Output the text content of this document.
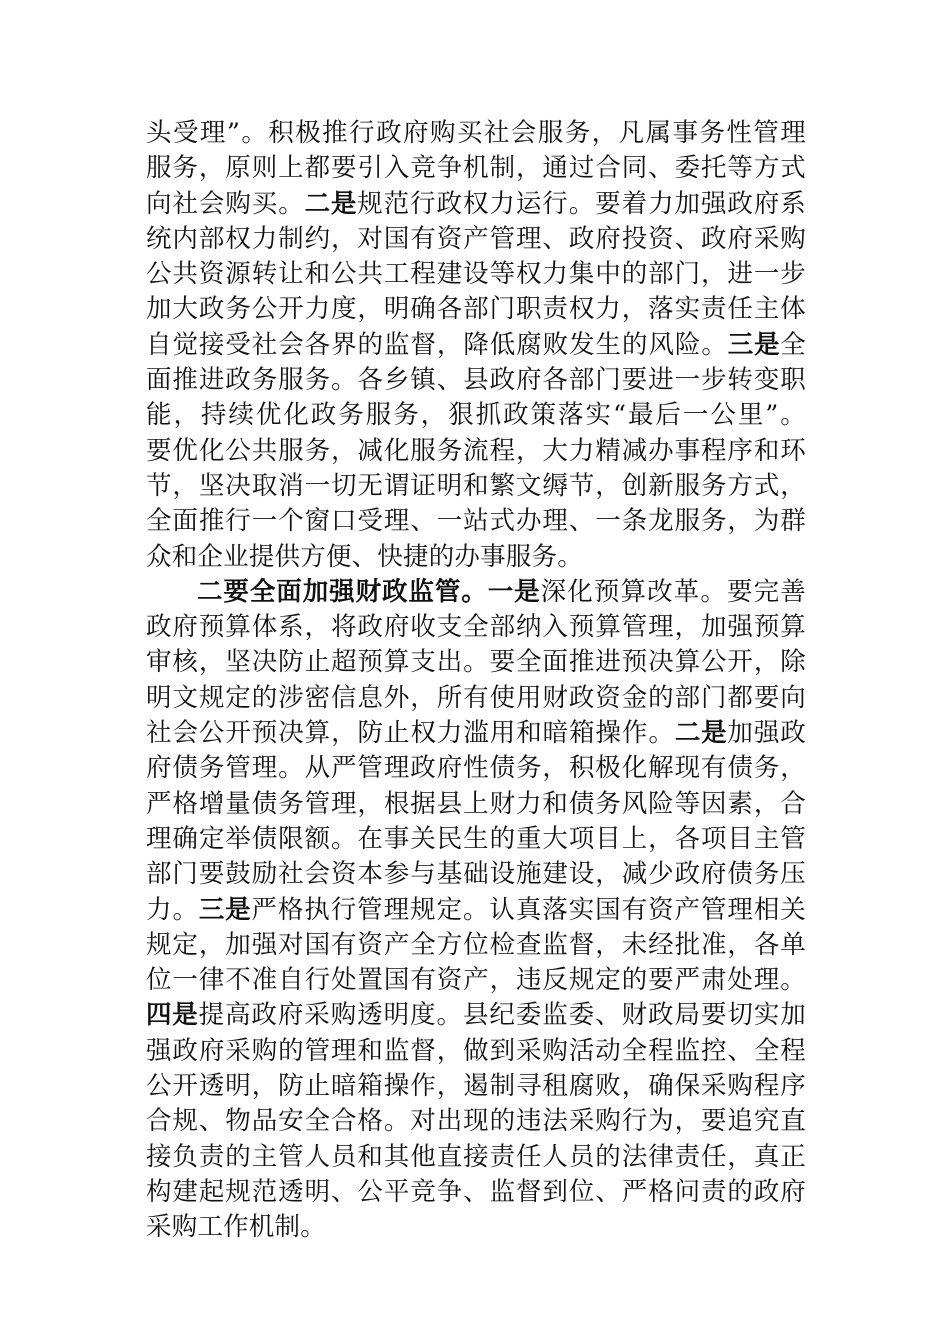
头受理”。积极推行政府购买社会服务，凡属事务性管理
服务，原则上都要引入竞争机制，通过合同、委托等方式
向社会购买。二是规范行政权力运行。要着力加强政府系
统内部权力制约，对国有资产管理、政府投资、政府采购
公共资源转让和公共工程建设等权力集中的部门，进一步
加大政务公开力度，明确各部门职责权力，落实责任主体
自觉接受社会各界的监督，降低腐败发生的风险。三是全
面推进政务服务。各乡镇、县政府各部门要进一步转变职
能，持续优化政务服务，狠抓政策落实“最后一公里”。
要优化公共服务，减化服务流程，大力精减办事程序和环
节，坚决取消一切无谓证明和繁文缛节，创新服务方式，
全面推行一个窗口受理、一站式办理、一条龙服务，为群
众和企业提供方便、快捷的办事服务。
二要全面加强财政监管。一是深化预算改革。要完善
政府预算体系，将政府收支全部纳入预算管理，加强预算
审核，坚决防止超预算支出。要全面推进预决算公开，除
明文规定的涉密信息外，所有使用财政资金的部门都要向
社会公开预决算，防止权力滥用和暗箱操作。二是加强政
府债务管理。从严管理政府性债务，积极化解现有债务，
严格增量债务管理，根据县上财力和债务风险等因素，合
理确定举债限额。在事关民生的重大项目上，各项目主管
部门要鼓励社会资本参与基础设施建设，减少政府债务压
力。三是严格执行管理规定。认真落实国有资产管理相关
规定，加强对国有资产全方位检查监督，未经批准，各单
位一律不准自行处置国有资产，违反规定的要严肃处理。
四是提高政府采购透明度。县纪委监委、财政局要切实加
强政府采购的管理和监督，做到采购活动全程监控、全程
公开透明，防止暗箱操作，遏制寻租腐败，确保采购程序
合规、物品安全合格。对出现的违法采购行为，要追究直
接负责的主管人员和其他直接责任人员的法律责任，真正
构建起规范透明、公平竞争、监督到位、严格问责的政府
采购工作机制。
